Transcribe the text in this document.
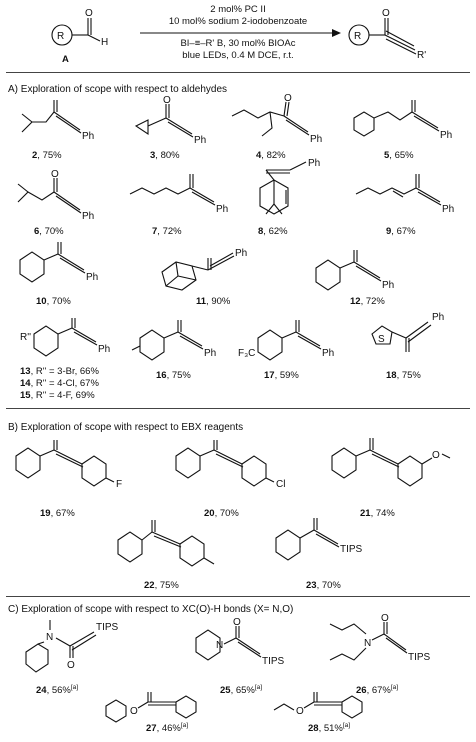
R
O
H
A
2 mol% PC II
10 mol% sodium 2-iodobenzoate
BI–≡–R' B, 30 mol% BIOAc
blue LEDs, 0.4 M DCE, r.t.
R
O
R'
A) Exploration of scope with respect to aldehydes
Ph
2, 75%
O
Ph
3, 80%
O
Ph
4, 82%
Ph
5, 65%
O
Ph
6, 70%
Ph
7, 72%
Ph
8, 62%
Ph
9, 67%
Ph
10, 70%
Ph
11, 90%
Ph
12, 72%
R''
Ph
13, R'' = 3-Br, 66%
14, R'' = 4-Cl, 67%
15, R'' = 4-F, 69%
Ph
16, 75%
F₃C	Ph
17, 59%
S
Ph
18, 75%
B) Exploration of scope with respect to EBX reagents
F
19, 67%
Cl
20, 70%
O
21, 74%
22, 75%
TIPS
23, 70%
C) Exploration of scope with respect to XC(O)-H bonds (X= N,O)
N
O
TIPS
24, 56%[a]
N
O
TIPS
25, 65%[a]
N
O
TIPS
26, 67%[a]
O
27, 46%[a]
O
28, 51%[a]
